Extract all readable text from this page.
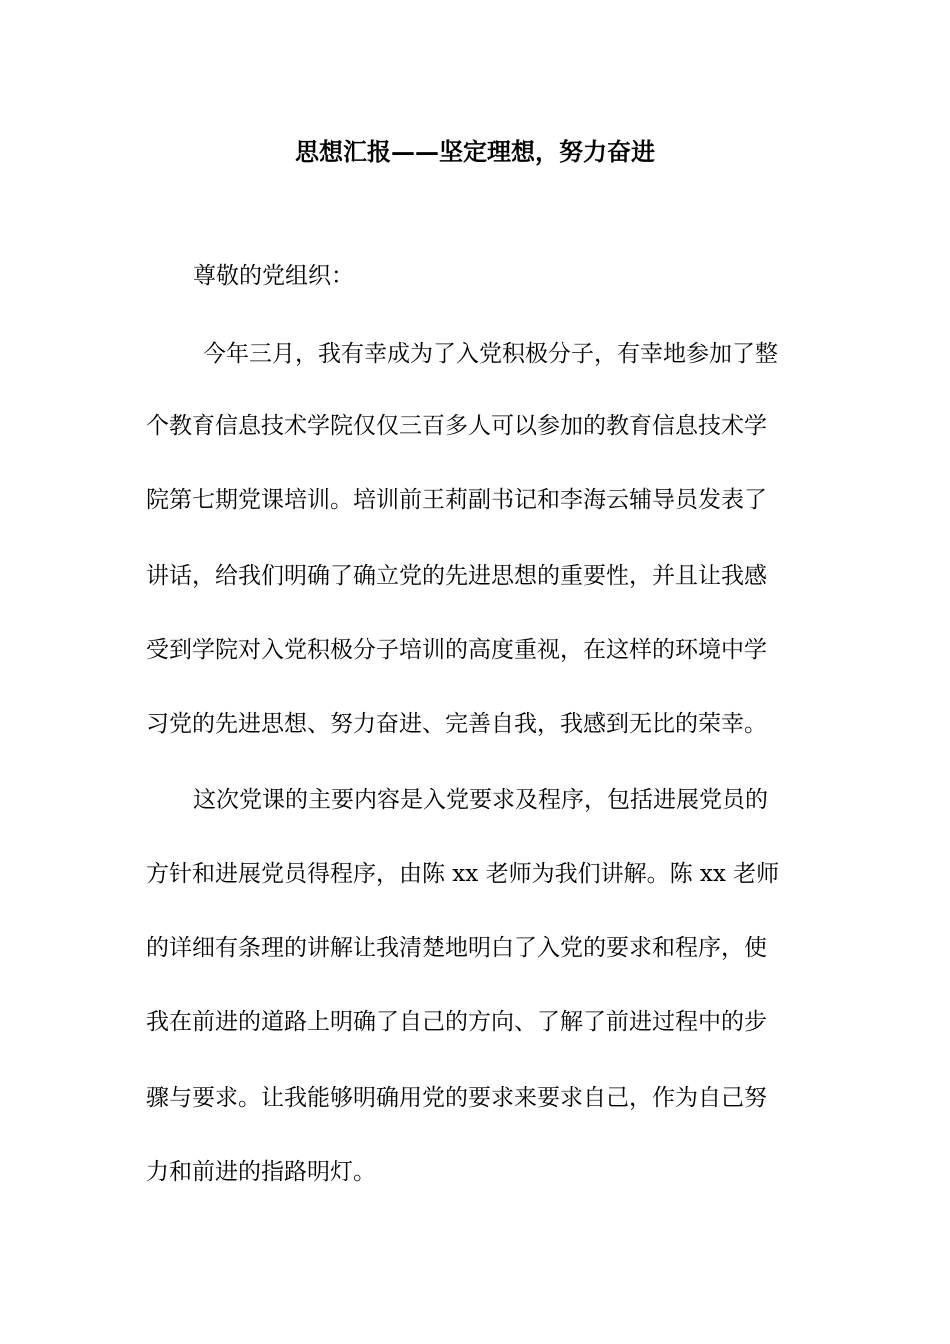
思想汇报——坚定理想，努力奋进

尊敬的党组织：

今年三月，我有幸成为了入党积极分子，有幸地参加了整

个教育信息技术学院仅仅三百多人可以参加的教育信息技术学

院第七期党课培训。培训前王莉副书记和李海云辅导员发表了

讲话，给我们明确了确立党的先进思想的重要性，并且让我感

受到学院对入党积极分子培训的高度重视，在这样的环境中学

习党的先进思想、努力奋进、完善自我，我感到无比的荣幸。

这次党课的主要内容是入党要求及程序，包括进展党员的

方针和进展党员得程序，由陈 xx 老师为我们讲解。陈 xx 老师

的详细有条理的讲解让我清楚地明白了入党的要求和程序，使

我在前进的道路上明确了自己的方向、了解了前进过程中的步

骤与要求。让我能够明确用党的要求来要求自己，作为自己努

力和前进的指路明灯。
